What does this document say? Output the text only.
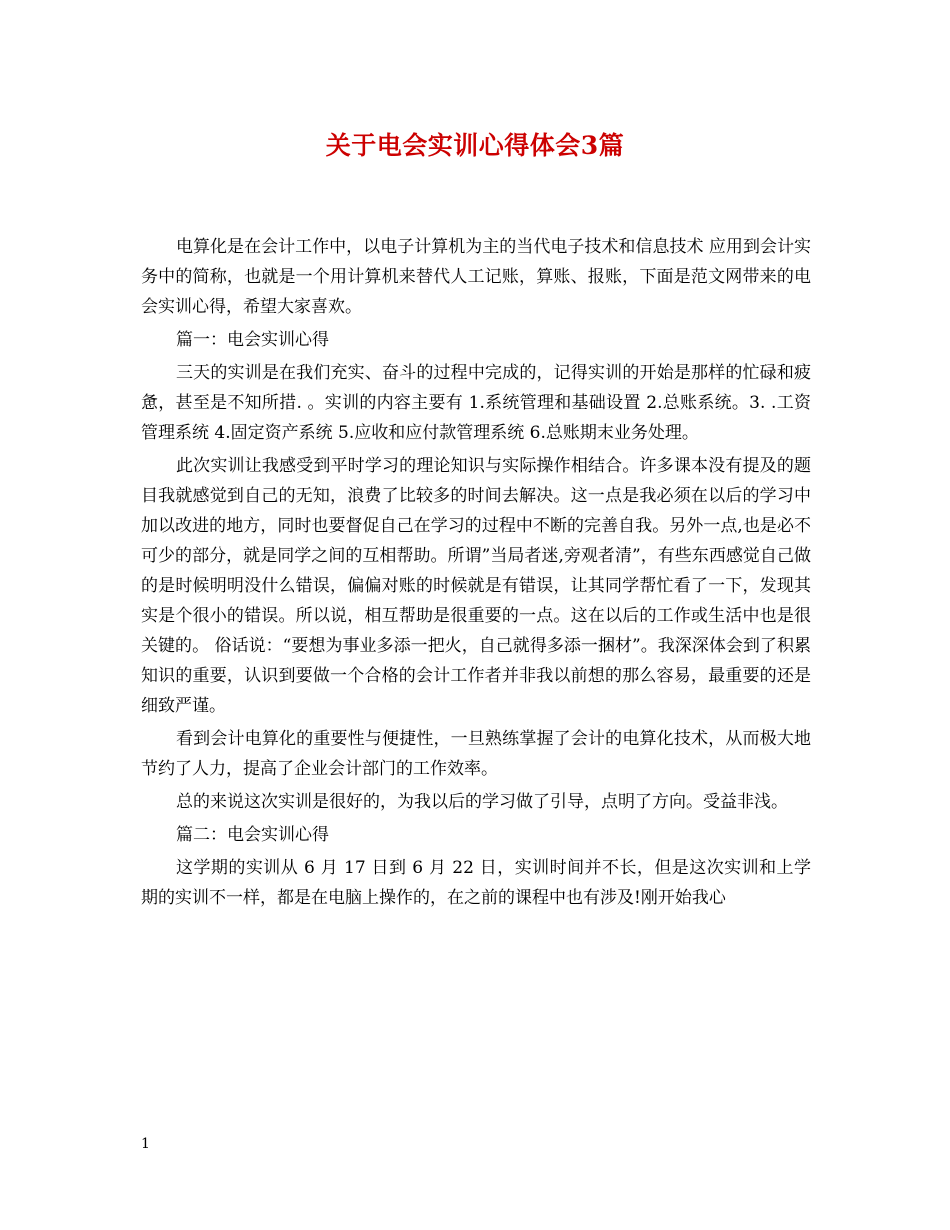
关于电会实训心得体会3篇

电算化是在会计工作中，以电子计算机为主的当代电子技术和信息技术 应用到会计实务中的简称，也就是一个用计算机来替代人工记账，算账、报账，下面是范文网带来的电会实训心得，希望大家喜欢。

篇一：电会实训心得

三天的实训是在我们充实、奋斗的过程中完成的，记得实训的开始是那样的忙碌和疲惫，甚至是不知所措. 。实训的内容主要有 1.系统管理和基础设置 2.总账系统。3. .工资管理系统 4.固定资产系统 5.应收和应付款管理系统 6.总账期末业务处理。

此次实训让我感受到平时学习的理论知识与实际操作相结合。许多课本没有提及的题目我就感觉到自己的无知，浪费了比较多的时间去解决。这一点是我必须在以后的学习中加以改进的地方，同时也要督促自己在学习的过程中不断的完善自我。另外一点,也是必不可少的部分，就是同学之间的互相帮助。所谓”当局者迷,旁观者清”，有些东西感觉自己做的是时候明明没什么错误，偏偏对账的时候就是有错误，让其同学帮忙看了一下，发现其实是个很小的错误。所以说，相互帮助是很重要的一点。这在以后的工作或生活中也是很关键的。 俗话说：“要想为事业多添一把火，自己就得多添一捆材”。我深深体会到了积累知识的重要，认识到要做一个合格的会计工作者并非我以前想的那么容易，最重要的还是细致严谨。

看到会计电算化的重要性与便捷性，一旦熟练掌握了会计的电算化技术，从而极大地节约了人力，提高了企业会计部门的工作效率。

总的来说这次实训是很好的，为我以后的学习做了引导，点明了方向。受益非浅。

篇二：电会实训心得

这学期的实训从 6 月 17 日到 6 月 22 日，实训时间并不长，但是这次实训和上学期的实训不一样，都是在电脑上操作的，在之前的课程中也有涉及!刚开始我心

1
